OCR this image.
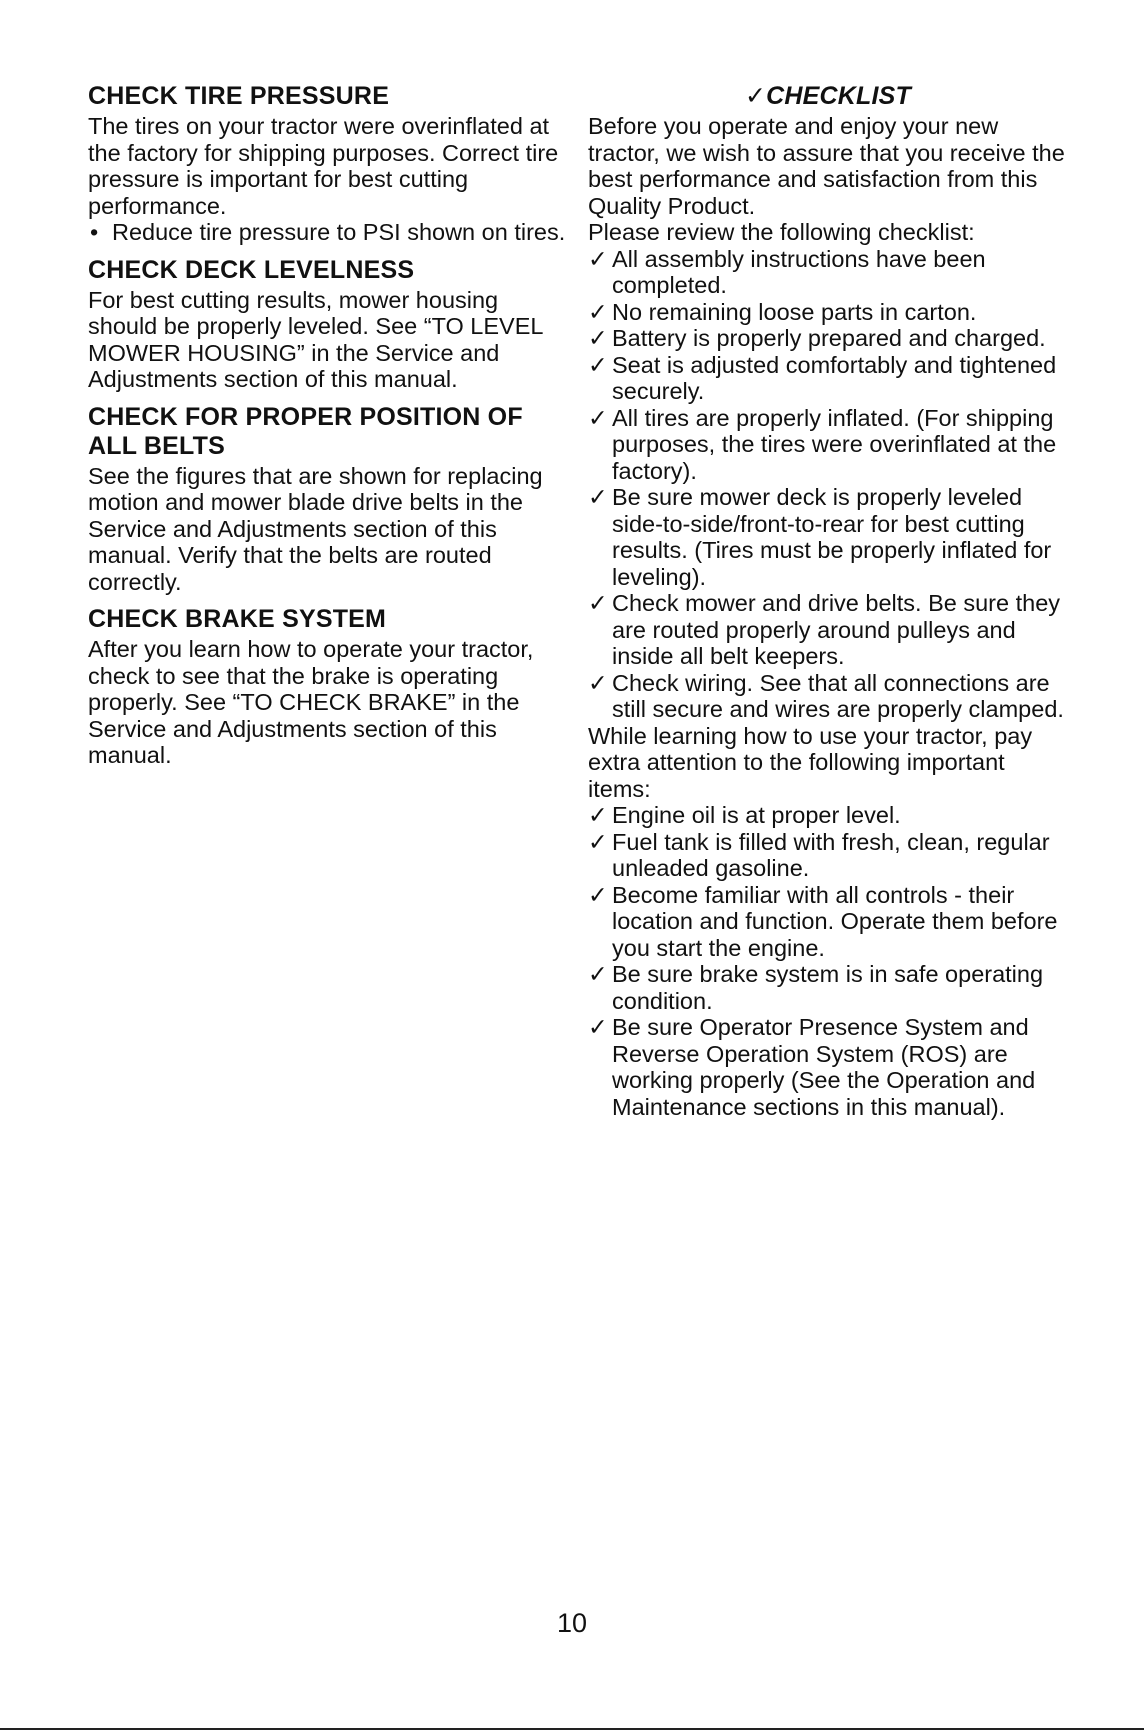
CHECK TIRE PRESSURE

The tires on your tractor were overinflated at the factory for shipping purposes. Correct tire pressure is important for best cutting performance.

• Reduce tire pressure to PSI shown on tires.
CHECK DECK LEVELNESS

For best cutting results, mower housing should be properly leveled. See “TO LEVEL MOWER HOUSING” in the Service and Adjustments section of this manual.

CHECK FOR PROPER POSITION OF ALL BELTS

See the figures that are shown for replacing motion and mower blade drive belts in the Service and Adjustments section of this manual. Verify that the belts are routed correctly.

CHECK BRAKE SYSTEM

After you learn how to operate your tractor, check to see that the brake is operating properly. See “TO CHECK BRAKE” in the Service and Adjustments section of this manual.

✓CHECKLIST

Before you operate and enjoy your new tractor, we wish to assure that you receive the best performance and satisfaction from this Quality Product.

Please review the following checklist:

✓ All assembly instructions have been completed.
✓ No remaining loose parts in carton.
✓ Battery is properly prepared and charged.
✓ Seat is adjusted comfortably and tightened securely.
✓ All tires are properly inflated. (For shipping purposes, the tires were overinflated at the factory).
✓ Be sure mower deck is properly leveled side-to-side/front-to-rear for best cutting results. (Tires must be properly inflated for leveling).
✓ Check mower and drive belts. Be sure they are routed properly around pulleys and inside all belt keepers.
✓ Check wiring. See that all connections are still secure and wires are properly clamped.

While learning how to use your tractor, pay extra attention to the following important items:

✓ Engine oil is at proper level.
✓ Fuel tank is filled with fresh, clean, regular unleaded gasoline.
✓ Become familiar with all controls - their location and function. Operate them before you start the engine.
✓ Be sure brake system is in safe operating condition.
✓ Be sure Operator Presence System and Reverse Operation System (ROS) are working properly (See the Operation and Maintenance sections in this manual).
10
